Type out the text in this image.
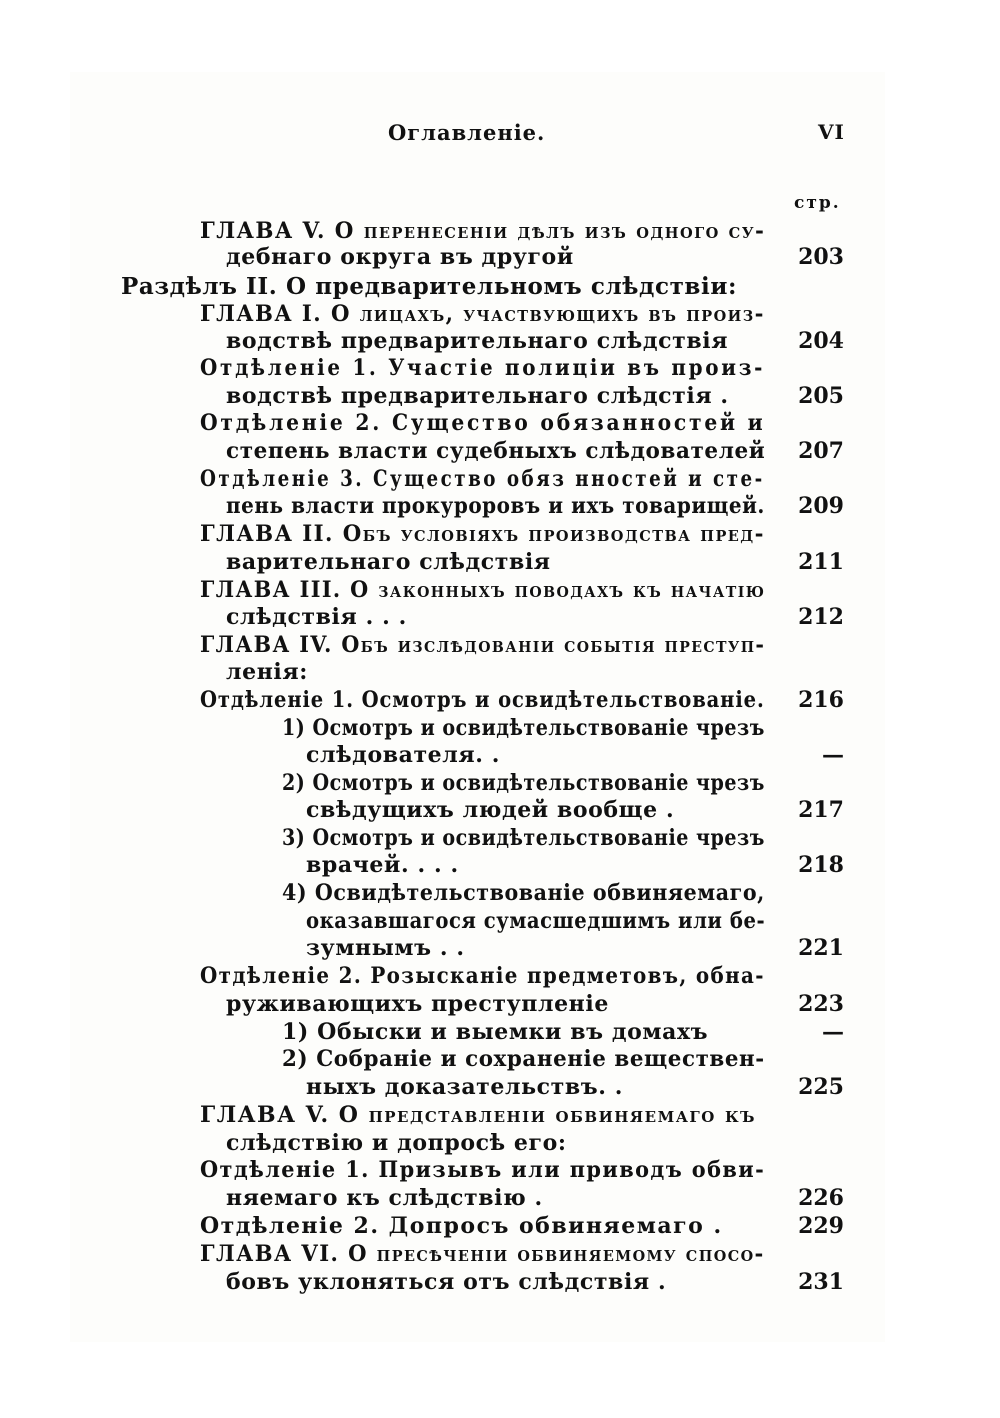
Оглавленіе.	VI
стр.
ГЛАВА V. О перенесеніи дѣлъ изъ одного су-
дебнаго округа въ другой	203
Раздѣлъ II. О предварительномъ слѣдствіи:
ГЛАВА I. О лицахъ, участвующихъ въ произ-
водствѣ предварительнаго слѣдствія	204
Отдѣленіе 1. Участіе полиціи въ произ-
водствѣ предварительнаго слѣдстія .	205
Отдѣленіе 2. Существо обязанностей и
степень власти судебныхъ слѣдователей	207
Отдѣленіе 3. Существо обяз нностей и сте-
пень власти прокуроровъ и ихъ товарищей.	209
ГЛАВА II. Объ условіяхъ производства пред-
варительнаго слѣдствія	211
ГЛАВА III. О законныхъ поводахъ къ начатію
слѣдствія . . .	212
ГЛАВА IV. Объ изслѣдованіи событія преступ-
ленія:
Отдѣленіе 1. Осмотръ и освидѣтельствованіе.	216
1) Осмотръ и освидѣтельствованіе чрезъ
слѣдователя. .	—
2) Осмотръ и освидѣтельствованіе чрезъ
свѣдущихъ людей вообще .	217
3) Осмотръ и освидѣтельствованіе чрезъ
врачей. . . .	218
4) Освидѣтельствованіе обвиняемаго,
оказавшагося сумасшедшимъ или бе-
зумнымъ . .	221
Отдѣленіе 2. Розысканіе предметовъ, обна-
руживающихъ преступленіе	223
1) Обыски и выемки въ домахъ	—
2) Собраніе и сохраненіе веществен-
ныхъ доказательствъ. .	225
ГЛАВА V. О представленіи обвиняемаго къ
слѣдствію и допросѣ его:
Отдѣленіе 1. Призывъ или приводъ обви-
няемаго къ слѣдствію .	226
Отдѣленіе 2. Допросъ обвиняемаго .	229
ГЛАВА VI. О пресѣченіи обвиняемому спосо-
бовъ уклоняться отъ слѣдствія .	231
